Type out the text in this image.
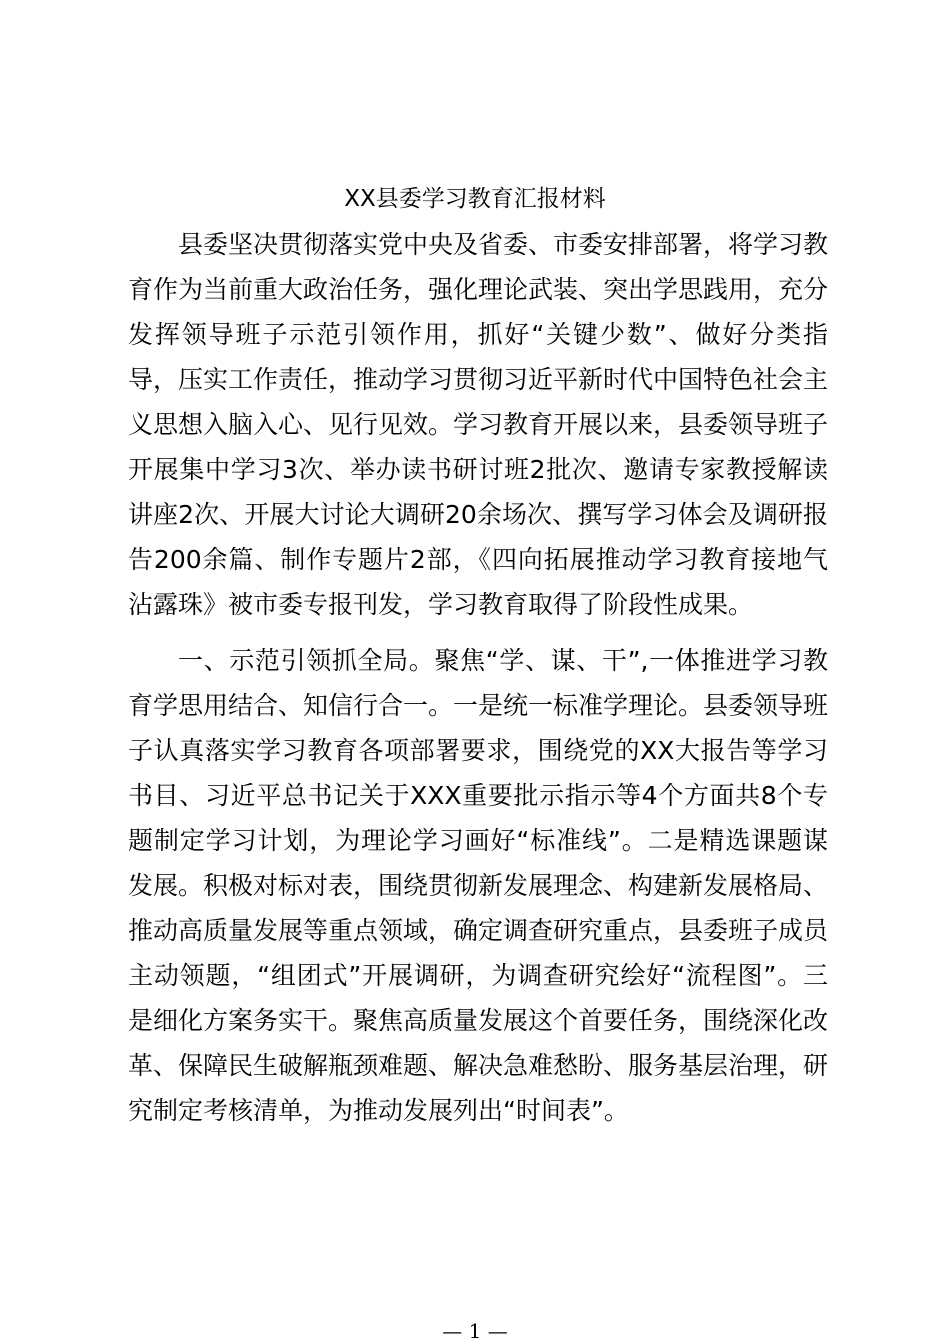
XX县委学习教育汇报材料

县委坚决贯彻落实党中央及省委、市委安排部署，将学习教育作为当前重大政治任务，强化理论武装、突出学思践用，充分发挥领导班子示范引领作用，抓好“关键少数”、做好分类指导，压实工作责任，推动学习贯彻习近平新时代中国特色社会主义思想入脑入心、见行见效。学习教育开展以来，县委领导班子开展集中学习3次、举办读书研讨班2批次、邀请专家教授解读讲座2次、开展大讨论大调研20余场次、撰写学习体会及调研报告200余篇、制作专题片2部，《四向拓展推动学习教育接地气沾露珠》被市委专报刊发，学习教育取得了阶段性成果。

一、示范引领抓全局。聚焦“学、谋、干”,一体推进学习教育学思用结合、知信行合一。一是统一标准学理论。县委领导班子认真落实学习教育各项部署要求，围绕党的XX大报告等学习书目、习近平总书记关于XXX重要批示指示等4个方面共8个专题制定学习计划，为理论学习画好“标准线”。二是精选课题谋发展。积极对标对表，围绕贯彻新发展理念、构建新发展格局、推动高质量发展等重点领域，确定调查研究重点，县委班子成员主动领题，“组团式”开展调研，为调查研究绘好“流程图”。三是细化方案务实干。聚焦高质量发展这个首要任务，围绕深化改革、保障民生破解瓶颈难题、解决急难愁盼、服务基层治理，研究制定考核清单，为推动发展列出“时间表”。

— 1 —
